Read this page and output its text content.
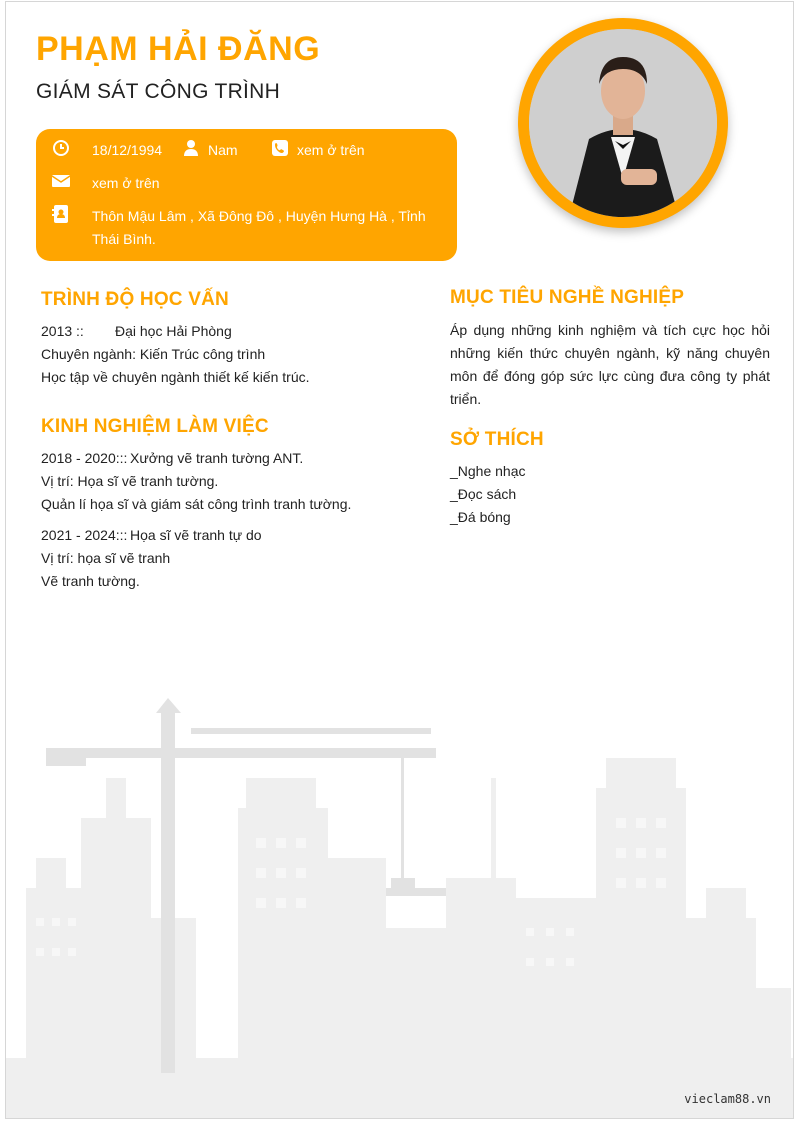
PHẠM HẢI ĐĂNG
GIÁM SÁT CÔNG TRÌNH
18/12/1994	Nam	xem ở trên
xem ở trên
Thôn Mậu Lâm , Xã Đông Đô , Huyện Hưng Hà , Tỉnh Thái Bình.
TRÌNH ĐỘ HỌC VẤN
2013 :: Đại học Hải Phòng
Chuyên ngành: Kiến Trúc công trình
Học tập về chuyên ngành thiết kế kiến trúc.
KINH NGHIỆM LÀM VIỆC
2018 - 2020::: Xưởng vẽ tranh tường ANT.
Vị trí: Họa sĩ vẽ tranh tường.
Quản lí họa sĩ và giám sát công trình tranh tường.
2021 - 2024::: Họa sĩ vẽ tranh tự do
Vị trí: họa sĩ vẽ tranh
Vẽ tranh tường.
MỤC TIÊU NGHỀ NGHIỆP
Áp dụng những kinh nghiệm và tích cực học hỏi những kiến thức chuyên ngành, kỹ năng chuyên môn để đóng góp sức lực cùng đưa công ty phát triển.
SỞ THÍCH
_Nghe nhạc
_Đọc sách
_Đá bóng
vieclam88.vn
